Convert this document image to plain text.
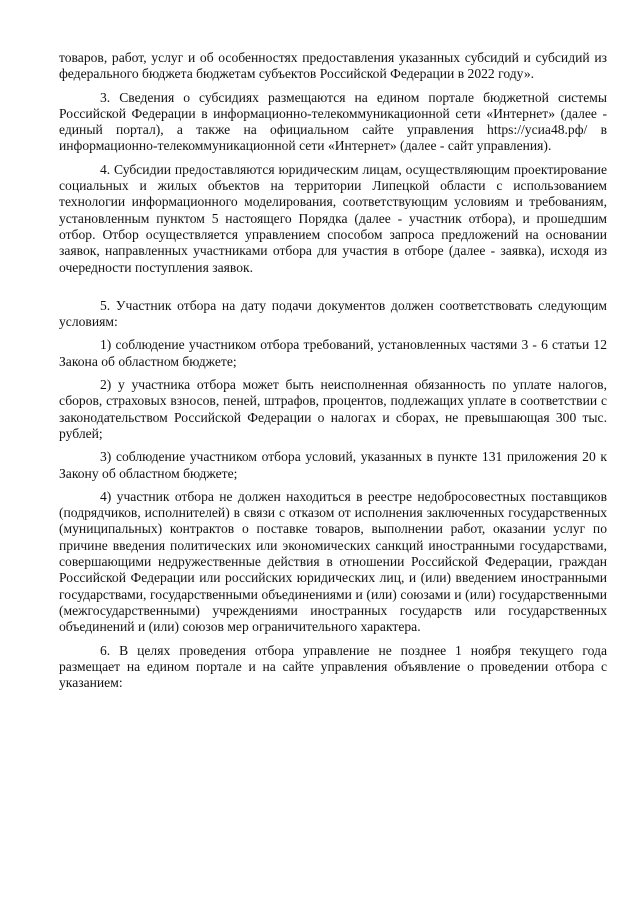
товаров, работ, услуг и об особенностях предоставления указанных субсидий и субсидий из федерального бюджета бюджетам субъектов Российской Федерации в 2022 году».

3. Сведения о субсидиях размещаются на едином портале бюджетной системы Российской Федерации в информационно-телекоммуникационной сети «Интернет» (далее - единый портал), а также на официальном сайте управления https://ycиа48.рф/ в информационно-телекоммуникационной сети «Интернет» (далее - сайт управления).

4. Субсидии предоставляются юридическим лицам, осуществляющим проектирование социальных и жилых объектов на территории Липецкой области с использованием технологии информационного моделирования, соответствующим условиям и требованиям, установленным пунктом 5 настоящего Порядка (далее - участник отбора), и прошедшим отбор. Отбор осуществляется управлением способом запроса предложений на основании заявок, направленных участниками отбора для участия в отборе (далее - заявка), исходя из очередности поступления заявок.

5. Участник отбора на дату подачи документов должен соответствовать следующим условиям:

1) соблюдение участником отбора требований, установленных частями 3 - 6 статьи 12 Закона об областном бюджете;

2) у участника отбора может быть неисполненная обязанность по уплате налогов, сборов, страховых взносов, пеней, штрафов, процентов, подлежащих уплате в соответствии с законодательством Российской Федерации о налогах и сборах, не превышающая 300 тыс. рублей;

3) соблюдение участником отбора условий, указанных в пункте 131 приложения 20 к Закону об областном бюджете;

4) участник отбора не должен находиться в реестре недобросовестных поставщиков (подрядчиков, исполнителей) в связи с отказом от исполнения заключенных государственных (муниципальных) контрактов о поставке товаров, выполнении работ, оказании услуг по причине введения политических или экономических санкций иностранными государствами, совершающими недружественные действия в отношении Российской Федерации, граждан Российской Федерации или российских юридических лиц, и (или) введением иностранными государствами, государственными объединениями и (или) союзами и (или) государственными (межгосударственными) учреждениями иностранных государств или государственных объединений и (или) союзов мер ограничительного характера.

6. В целях проведения отбора управление не позднее 1 ноября текущего года размещает на едином портале и на сайте управления объявление о проведении отбора с указанием:
